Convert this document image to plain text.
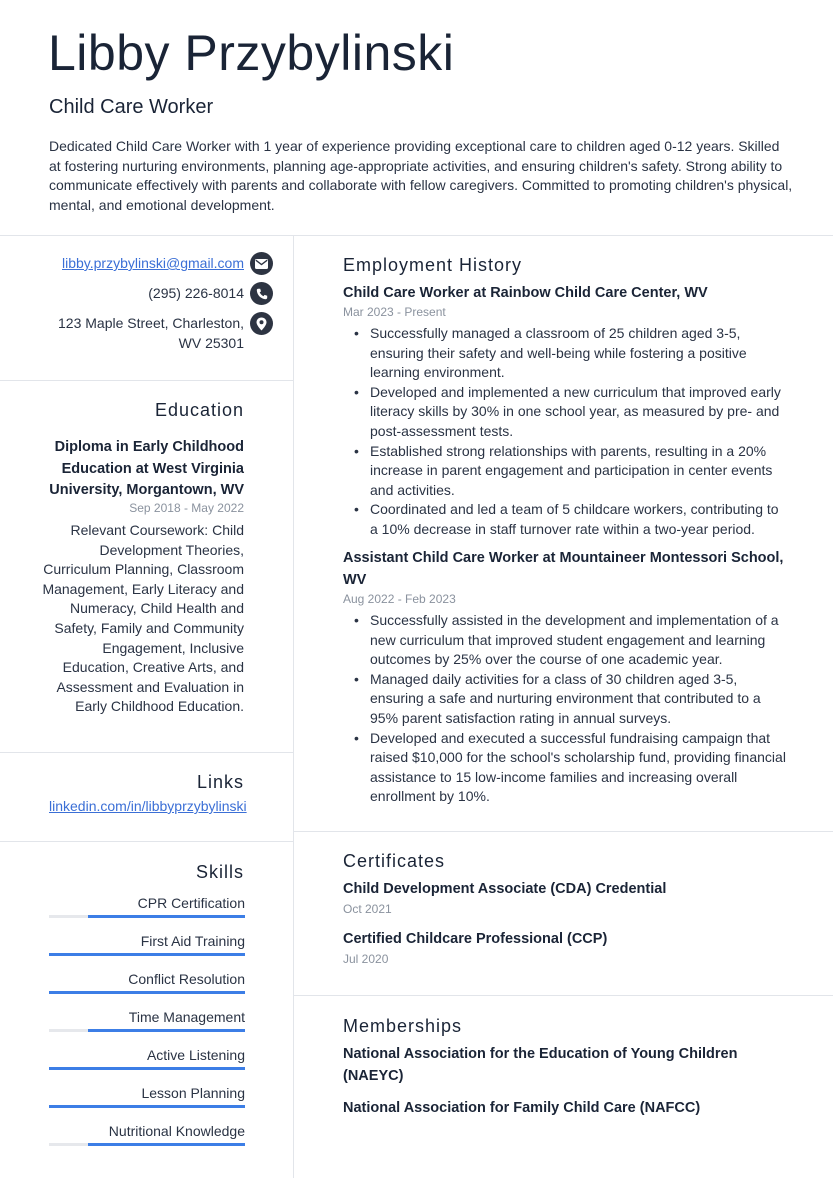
Libby Przybylinski
Child Care Worker

Dedicated Child Care Worker with 1 year of experience providing exceptional care to children aged 0-12 years. Skilled at fostering nurturing environments, planning age-appropriate activities, and ensuring children's safety. Strong ability to communicate effectively with parents and collaborate with fellow caregivers. Committed to promoting children's physical, mental, and emotional development.

libby.przybylinski@gmail.com
(295) 226-8014
123 Maple Street, Charleston,
WV 25301
Education
Diploma in Early Childhood Education at West Virginia University, Morgantown, WV
Sep 2018 - May 2022
Relevant Coursework: Child Development Theories, Curriculum Planning, Classroom Management, Early Literacy and Numeracy, Child Health and Safety, Family and Community Engagement, Inclusive Education, Creative Arts, and Assessment and Evaluation in Early Childhood Education.
Links
linkedin.com/in/libbyprzybylinski
Skills
CPR Certification
First Aid Training
Conflict Resolution
Time Management
Active Listening
Lesson Planning
Nutritional Knowledge
Employment History
Child Care Worker at Rainbow Child Care Center, WV
Mar 2023 - Present
• Successfully managed a classroom of 25 children aged 3-5, ensuring their safety and well-being while fostering a positive learning environment.
• Developed and implemented a new curriculum that improved early literacy skills by 30% in one school year, as measured by pre- and post-assessment tests.
• Established strong relationships with parents, resulting in a 20% increase in parent engagement and participation in center events and activities.
• Coordinated and led a team of 5 childcare workers, contributing to a 10% decrease in staff turnover rate within a two-year period.
Assistant Child Care Worker at Mountaineer Montessori School, WV
Aug 2022 - Feb 2023
• Successfully assisted in the development and implementation of a new curriculum that improved student engagement and learning outcomes by 25% over the course of one academic year.
• Managed daily activities for a class of 30 children aged 3-5, ensuring a safe and nurturing environment that contributed to a 95% parent satisfaction rating in annual surveys.
• Developed and executed a successful fundraising campaign that raised $10,000 for the school's scholarship fund, providing financial assistance to 15 low-income families and increasing overall enrollment by 10%.
Certificates
Child Development Associate (CDA) Credential
Oct 2021
Certified Childcare Professional (CCP)
Jul 2020
Memberships
National Association for the Education of Young Children (NAEYC)
National Association for Family Child Care (NAFCC)
